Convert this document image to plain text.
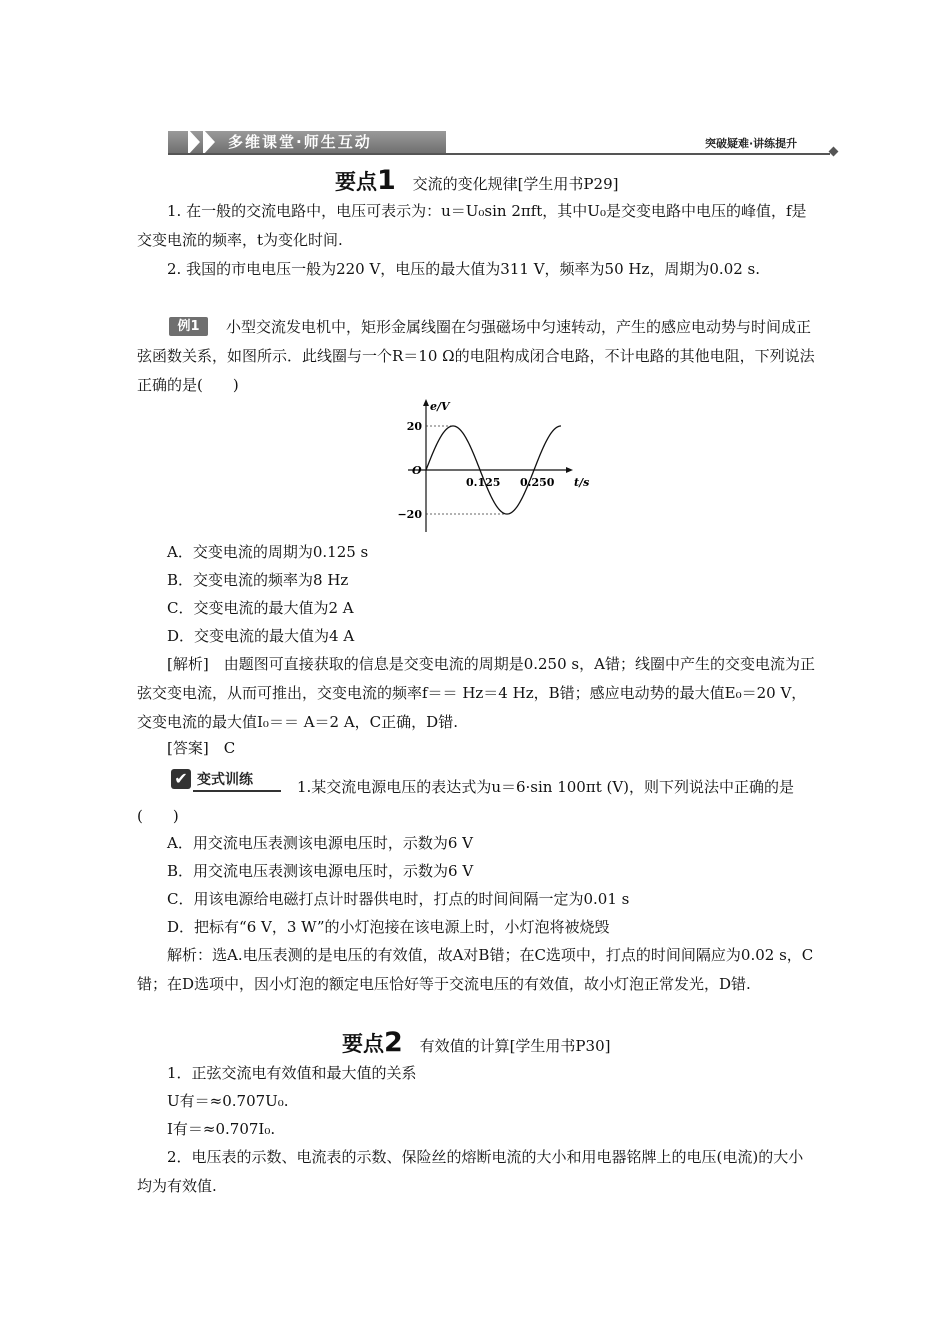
多维课堂·师生互动	突破疑难·讲练提升
要点1 交流的变化规律[学生用书P29]
1. 在一般的交流电路中，电压可表示为：u＝U₀sin 2πft，其中U₀是交变电路中电压的峰值，f是交变电流的频率，t为变化时间.
2. 我国的市电电压一般为220 V，电压的最大值为311 V，频率为50 Hz，周期为0.02 s.
例1	小型交流发电机中，矩形金属线圈在匀强磁场中匀速转动，产生的感应电动势与时间成正弦函数关系，如图所示．此线圈与一个R＝10 Ω的电阻构成闭合电路，不计电路的其他电阻，下列说法正确的是(　　)
e/V
t/s
O
20
−20
0.125 0.250
A．交变电流的周期为0.125 s
B．交变电流的频率为8 Hz
C．交变电流的最大值为2 A
D．交变电流的最大值为4 A
[解析]　由题图可直接获取的信息是交变电流的周期是0.250 s，A错；线圈中产生的交变电流为正弦交变电流，从而可推出，交变电流的频率f＝＝ Hz＝4 Hz，B错；感应电动势的最大值E₀＝20 V，交变电流的最大值I₀＝＝ A＝2 A，C正确，D错.
[答案]　C
✔ 变式训练	1.某交流电源电压的表达式为u＝6·sin 100πt (V)，则下列说法中正确的是(　　)
A．用交流电压表测该电源电压时，示数为6 V
B．用交流电压表测该电源电压时，示数为6 V
C．用该电源给电磁打点计时器供电时，打点的时间间隔一定为0.01 s
D．把标有“6 V，3 W”的小灯泡接在该电源上时，小灯泡将被烧毁
解析：选A.电压表测的是电压的有效值，故A对B错；在C选项中，打点的时间间隔应为0.02 s，C错；在D选项中，因小灯泡的额定电压恰好等于交流电压的有效值，故小灯泡正常发光，D错.
要点2 有效值的计算[学生用书P30]
1．正弦交流电有效值和最大值的关系
U有＝≈0.707U₀.
I有＝≈0.707I₀.
2．电压表的示数、电流表的示数、保险丝的熔断电流的大小和用电器铭牌上的电压(电流)的大小均为有效值.
